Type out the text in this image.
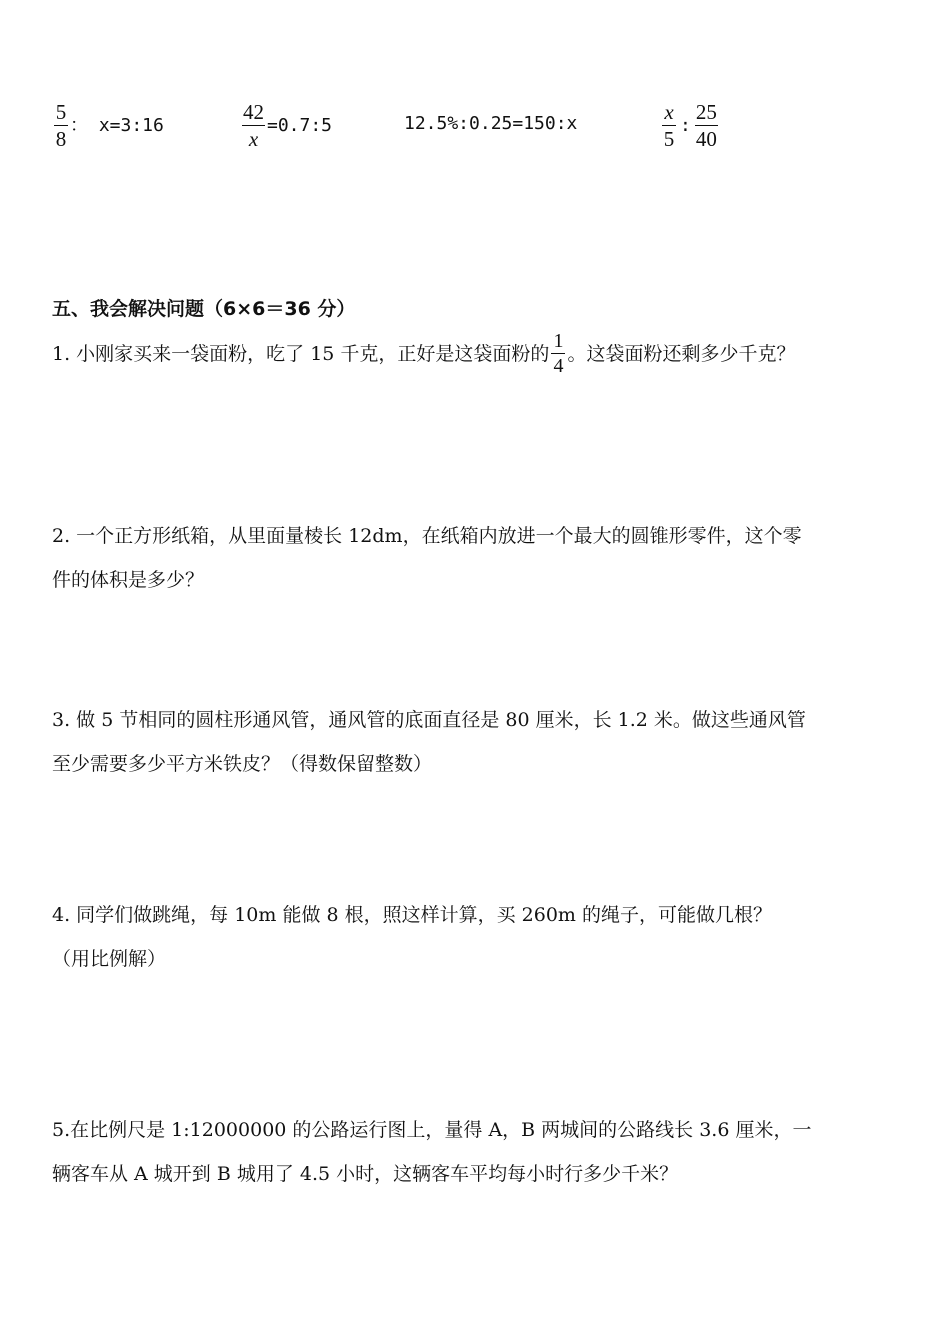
$\frac{5}{8}$ ： x=3:16	$\frac{42}{x}$ =0.7:5	12.5%:0.25=150:x	$\frac{x}{5}$ : $\frac{25}{40}$
五、我会解决问题（6×6＝36 分）
1. 小刚家买来一袋面粉，吃了 15 千克，正好是这袋面粉的 $\frac{1}{4}$ 。这袋面粉还剩多少千克？

2. 一个正方形纸箱，从里面量棱长 12dm，在纸箱内放进一个最大的圆锥形零件，这个零

件的体积是多少？

3. 做 5 节相同的圆柱形通风管，通风管的底面直径是 80 厘米，长 1.2 米。做这些通风管

至少需要多少平方米铁皮？（得数保留整数）

4. 同学们做跳绳，每 10m 能做 8 根，照这样计算，买 260m 的绳子，可能做几根？

（用比例解）

5.在比例尺是 1:12000000 的公路运行图上，量得 A，B 两城间的公路线长 3.6 厘米，一

辆客车从 A 城开到 B 城用了 4.5 小时，这辆客车平均每小时行多少千米？
